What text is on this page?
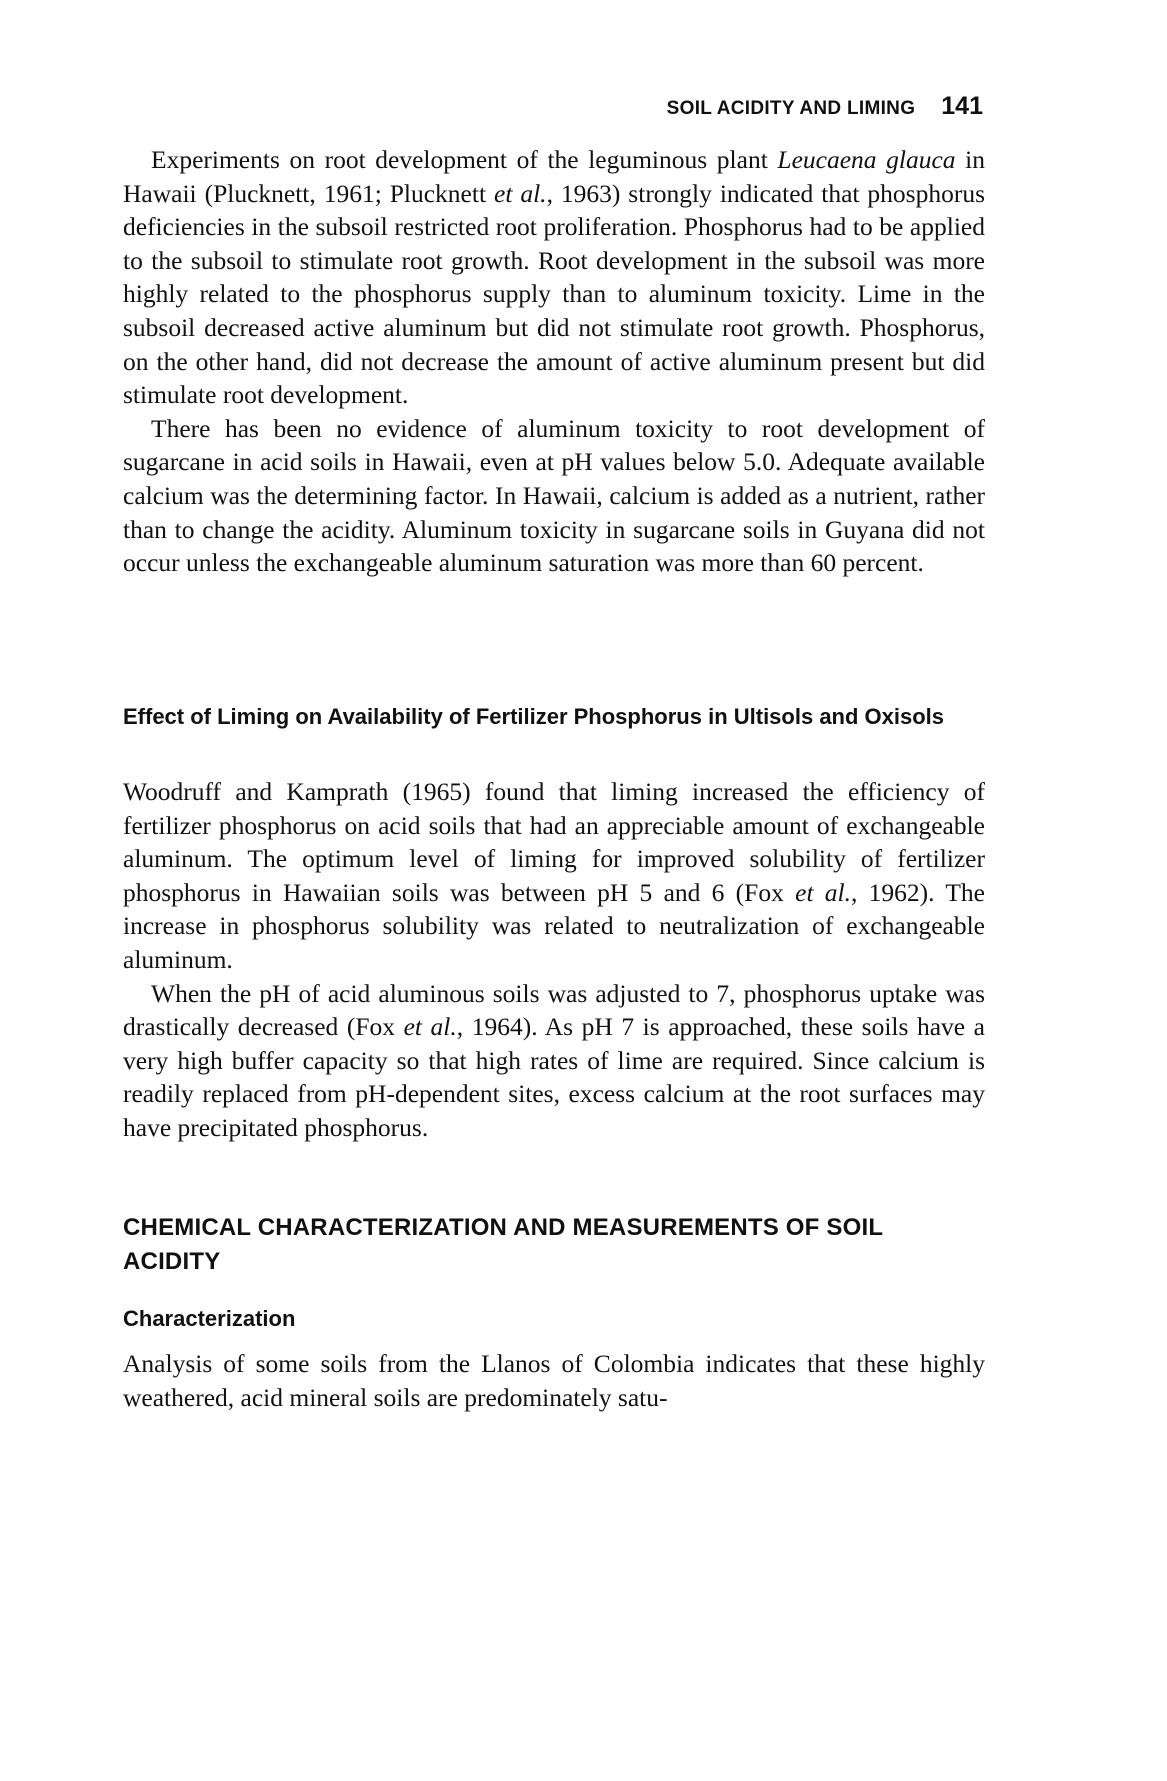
SOIL ACIDITY AND LIMING 141

Experiments on root development of the leguminous plant Leucaena glauca in Hawaii (Plucknett, 1961; Plucknett et al., 1963) strongly indicated that phosphorus deficiencies in the subsoil restricted root proliferation. Phosphorus had to be applied to the subsoil to stimulate root growth. Root development in the subsoil was more highly related to the phosphorus supply than to aluminum toxicity. Lime in the subsoil decreased active aluminum but did not stimulate root growth. Phosphorus, on the other hand, did not decrease the amount of active aluminum present but did stimulate root development.

There has been no evidence of aluminum toxicity to root development of sugarcane in acid soils in Hawaii, even at pH values below 5.0. Adequate available calcium was the determining factor. In Hawaii, calcium is added as a nutrient, rather than to change the acidity. Aluminum toxicity in sugarcane soils in Guyana did not occur unless the exchangeable aluminum saturation was more than 60 percent.

Effect of Liming on Availability of Fertilizer Phosphorus in Ultisols and Oxisols

Woodruff and Kamprath (1965) found that liming increased the efficiency of fertilizer phosphorus on acid soils that had an appreciable amount of exchangeable aluminum. The optimum level of liming for improved solubility of fertilizer phosphorus in Hawaiian soils was between pH 5 and 6 (Fox et al., 1962). The increase in phosphorus solubility was related to neutralization of exchangeable aluminum.

When the pH of acid aluminous soils was adjusted to 7, phosphorus uptake was drastically decreased (Fox et al., 1964). As pH 7 is approached, these soils have a very high buffer capacity so that high rates of lime are required. Since calcium is readily replaced from pH-dependent sites, excess calcium at the root surfaces may have precipitated phosphorus.

CHEMICAL CHARACTERIZATION AND MEASUREMENTS OF SOIL ACIDITY
Characterization

Analysis of some soils from the Llanos of Colombia indicates that these highly weathered, acid mineral soils are predominately satu-
